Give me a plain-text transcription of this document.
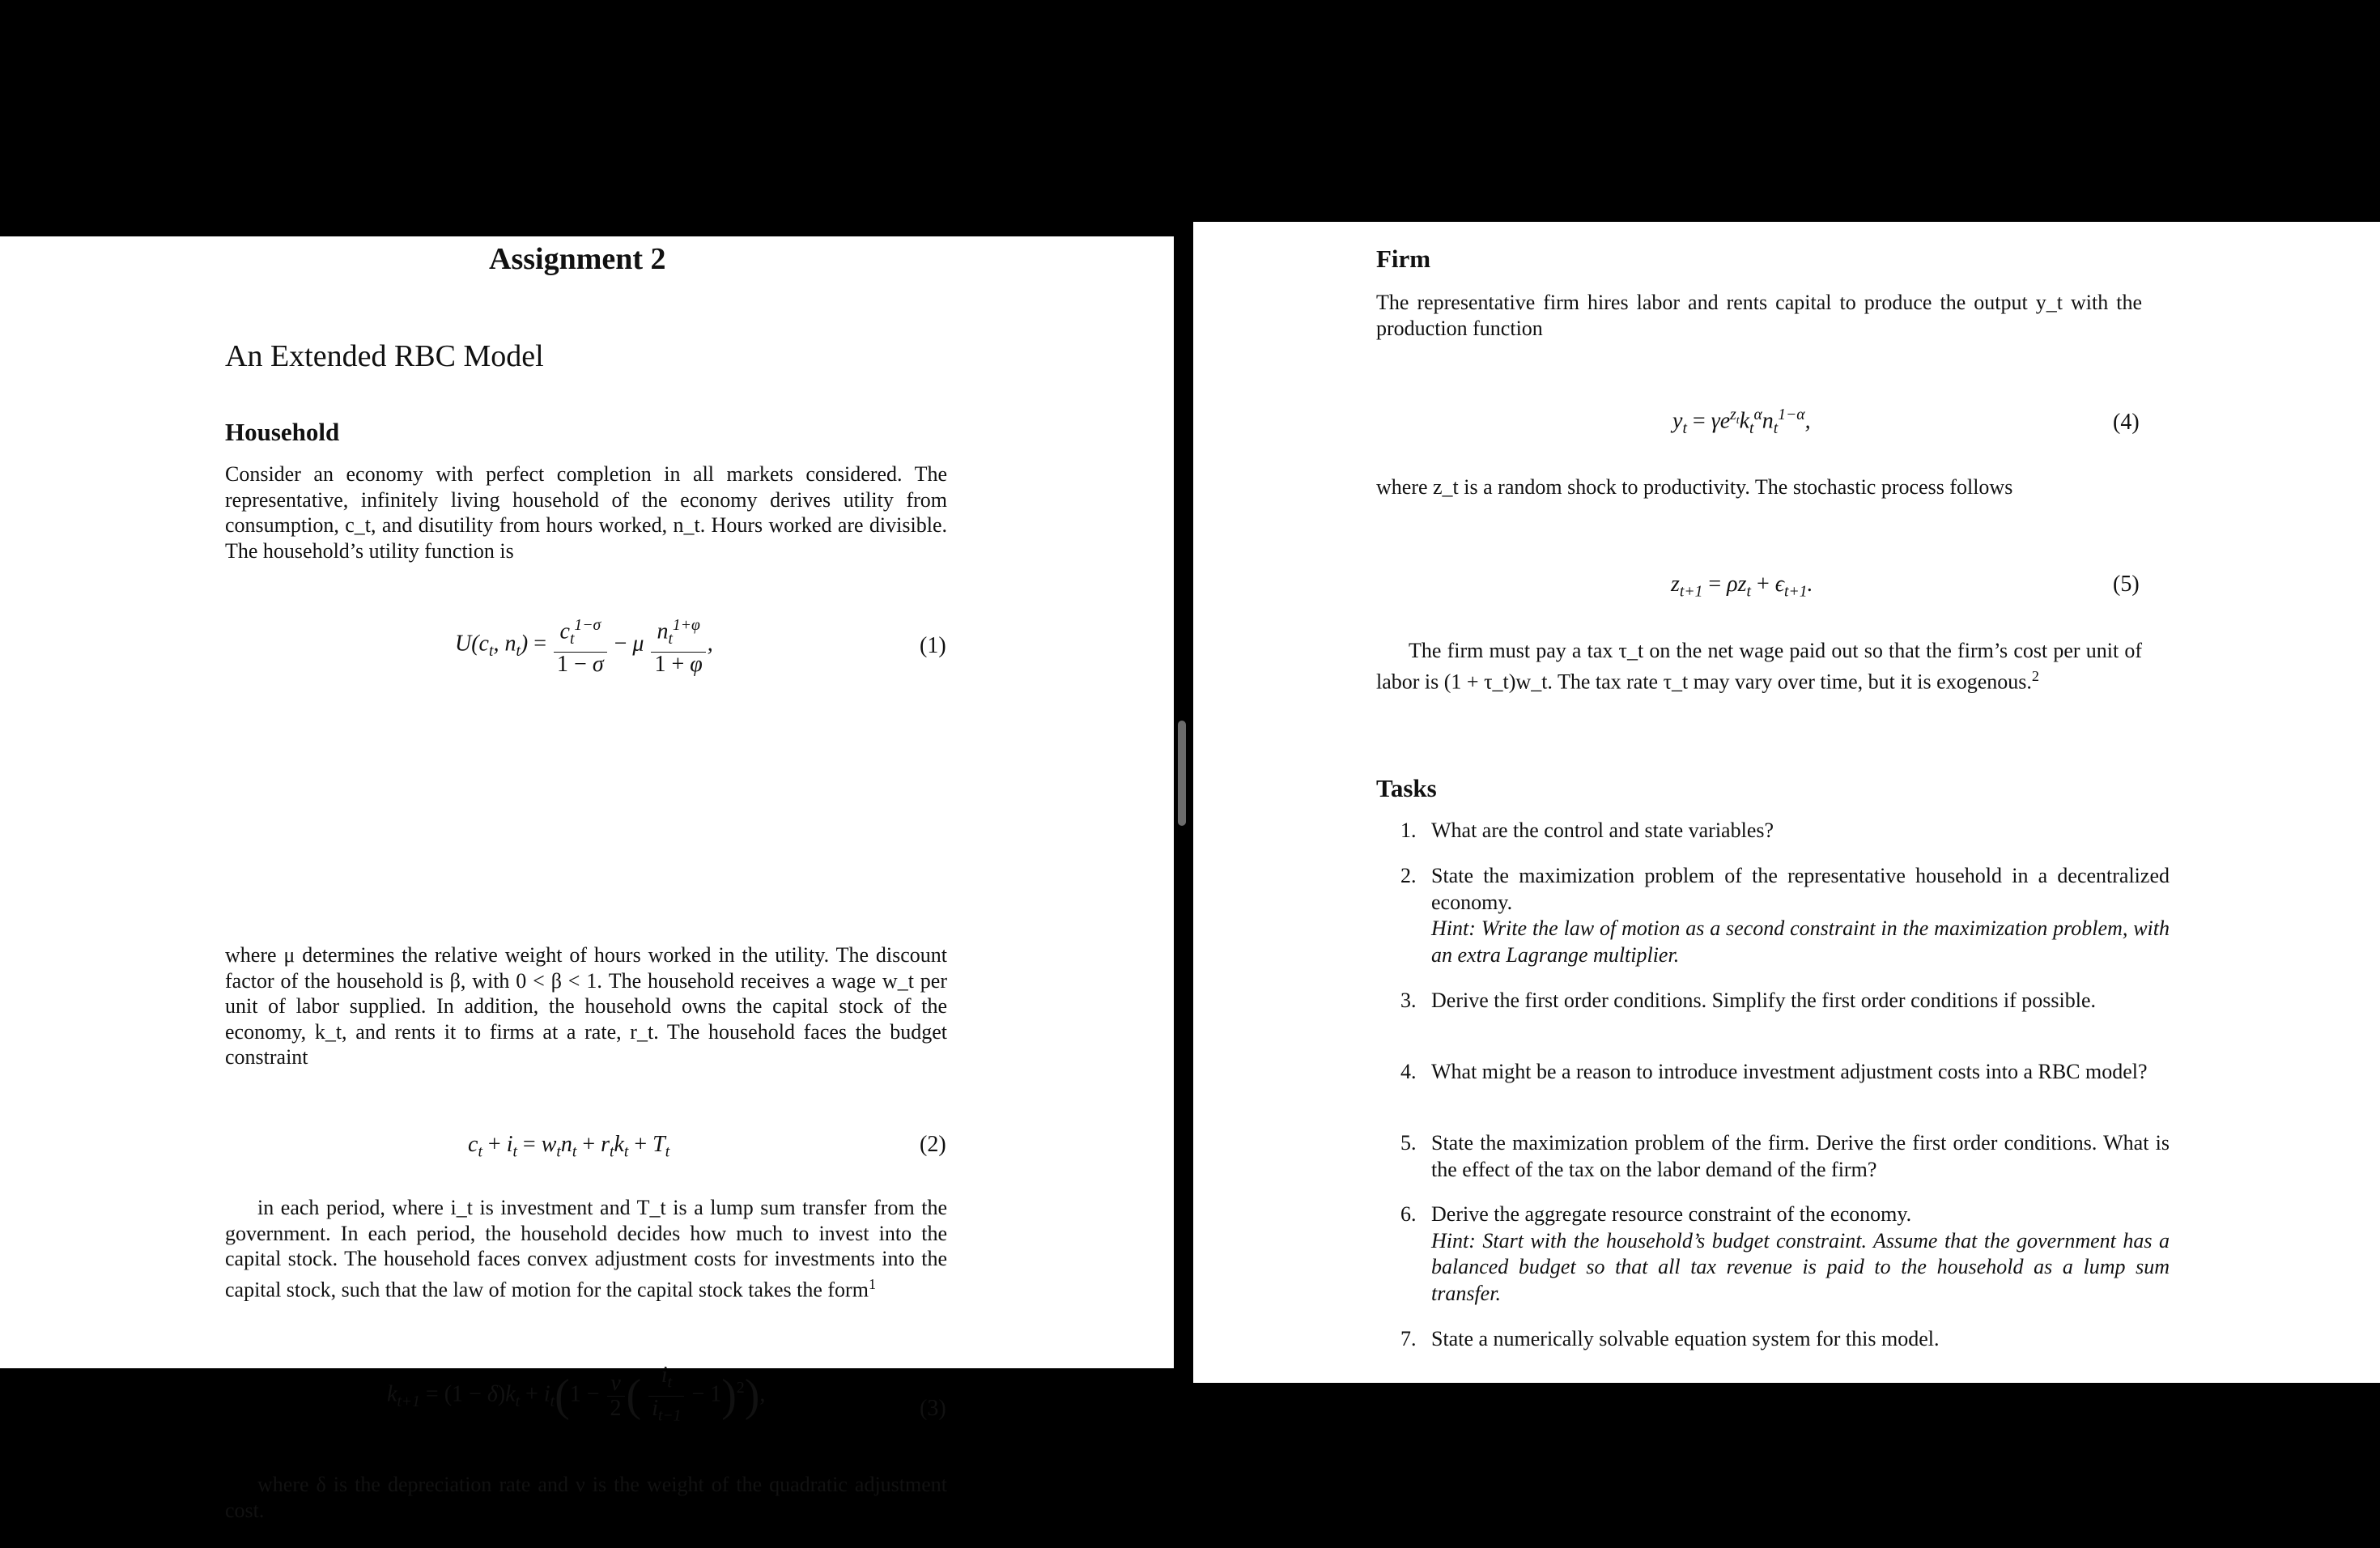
Assignment 2
An Extended RBC Model
Household

Consider an economy with perfect completion in all markets considered. The representative, infinitely living household of the economy derives utility from consumption, c_t, and disutility from hours worked, n_t. Hours worked are divisible. The household’s utility function is

$U(c_t$, $n_t) = \frac{c_t^{1-\sigma}}{1 - \sigma} - \mu \frac{n_t^{1+\varphi}}{1 + \varphi}$ ,	(1)

where μ determines the relative weight of hours worked in the utility. The discount factor of the household is β, with 0 < β < 1. The household receives a wage w_t per unit of labor supplied. In addition, the household owns the capital stock of the economy, k_t, and rents it to firms at a rate, r_t. The household faces the budget constraint

$c_t + i_t = w_tn_t + r_tk_t + T_t$	(2)

in each period, where i_t is investment and T_t is a lump sum transfer from the government. In each period, the household decides how much to invest into the capital stock. The household faces convex adjustment costs for investments into the capital stock, such that the law of motion for the capital stock takes the form$^1$

$k_{t+1} = (1 - \delta)k_t + i_t(1 - \frac{\nu}{2}$ ( $\frac{i_t}{i_{t-1}} - 1)^2$),
(3)

where δ is the depreciation rate and ν is the weight of the quadratic adjustment cost.

Firm

The representative firm hires labor and rents capital to produce the output y_t with the production function

$y_t = \gamma e^{z_t}k_t^\alpha n_t^{1-\alpha}$,	(4)

where z_t is a random shock to productivity. The stochastic process follows

$z_{t+1} = \rho z_t + \epsilon_{t+1}$.	(5)

The firm must pay a tax τ_t on the net wage paid out so that the firm’s cost per unit of labor is (1 + τ_t)w_t. The tax rate τ_t may vary over time, but it is exogenous.$^2$

Tasks
1. What are the control and state variables?
2. State the maximization problem of the representative household in a decentralized economy.
Hint: Write the law of motion as a second constraint in the maximization problem, with an extra Lagrange multiplier.
3. Derive the first order conditions. Simplify the first order conditions if possible.
4. What might be a reason to introduce investment adjustment costs into a RBC model?
5. State the maximization problem of the firm. Derive the first order conditions. What is the effect of the tax on the labor demand of the firm?
6. Derive the aggregate resource constraint of the economy.
Hint: Start with the household’s budget constraint. Assume that the government has a balanced budget so that all tax revenue is paid to the household as a lump sum transfer.
7. State a numerically solvable equation system for this model.
